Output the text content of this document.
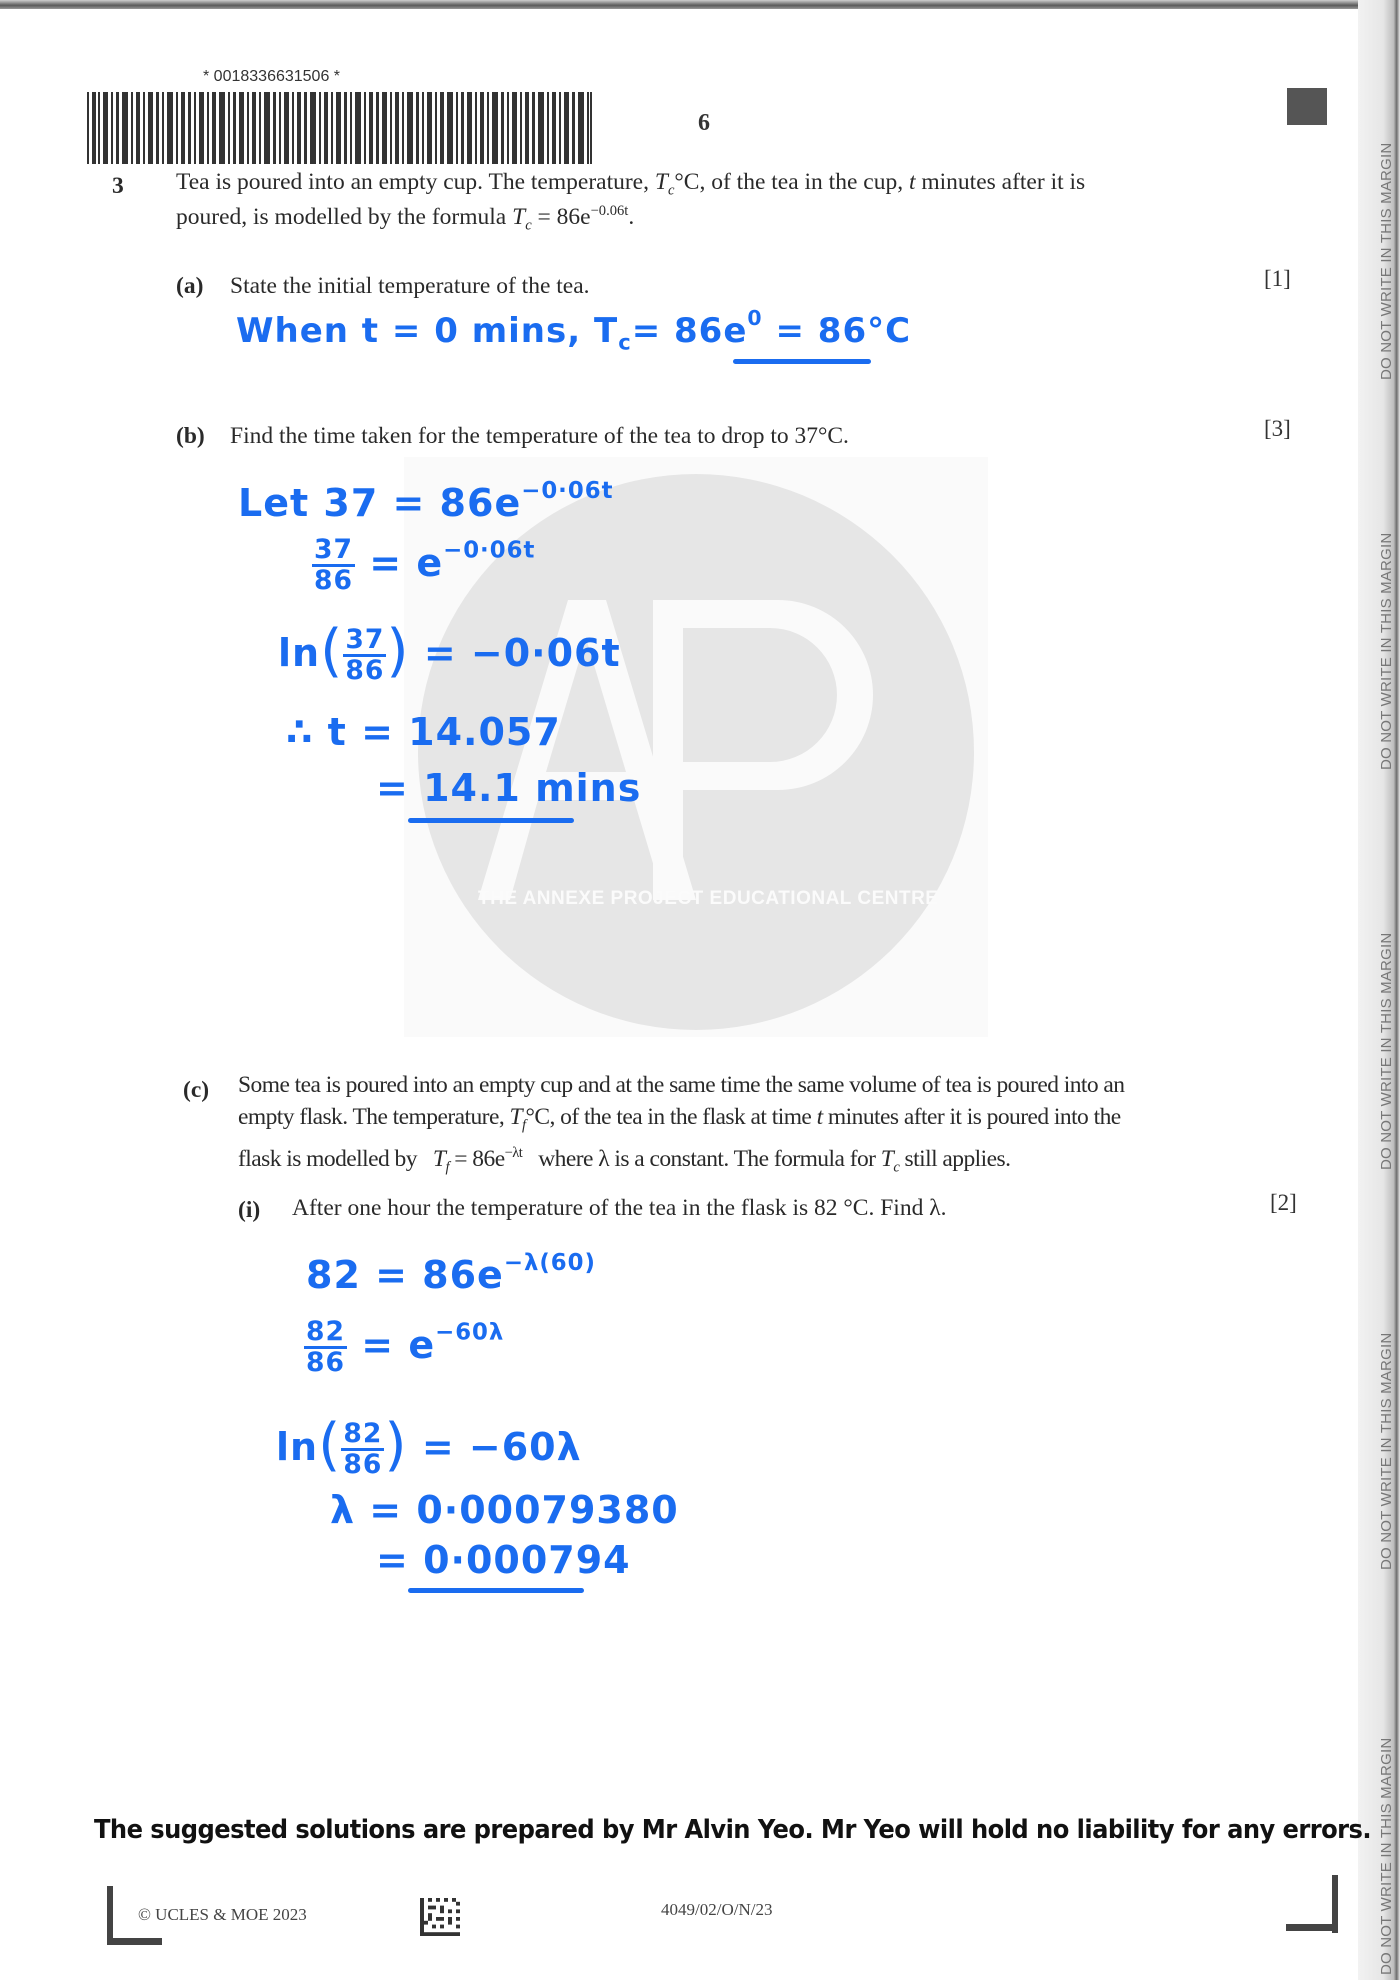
DO NOT WRITE IN THIS MARGIN
DO NOT WRITE IN THIS MARGIN
DO NOT WRITE IN THIS MARGIN
DO NOT WRITE IN THIS MARGIN
DO NOT WRITE IN THIS MARGIN
* 0018336631506 *
6
THE ANNEXE PROJECT EDUCATIONAL CENTRE
3 Tea is poured into an empty cup. The temperature, $T_c^\circ C$, of the tea in the cup, t minutes after it is
poured, is modelled by the formula $T_c = 86e^{-0.06t}$.
(a) State the initial temperature of the tea.	[1]
When t = 0 mins, $T_c= 86e^0 = 86^\circ C$
(b) Find the time taken for the temperature of the tea to drop to 37°C.	[3]
Let $37 = 86e^{-0\cdot 06t}$
$\frac{37}{86} = e^{-0\cdot 06t}$
$\ln( \frac{37}{86}$ ) = −0·06t
∴ t = 14.057
= 14.1 mins
(c) Some tea is poured into an empty cup and at the same time the same volume of tea is poured into an
empty flask. The temperature, $T_f^\circ C$, of the tea in the flask at time t minutes after it is poured into the
flask is modelled by   $T_f = 86e^{-\lambda t}$   where λ is a constant. The formula for $T_c$ still applies.
(i) After one hour the temperature of the tea in the flask is 82 °C. Find λ.	[2]
$82 = 86e^{-\lambda(60)}$
$\frac{82}{86} = e^{-60\lambda}$
$\ln( \frac{82}{86}$ ) = −60λ
λ = 0·00079380
= 0·000794
The suggested solutions are prepared by Mr Alvin Yeo. Mr Yeo will hold no liability for any errors.
© UCLES & MOE 2023	4049/02/O/N/23
